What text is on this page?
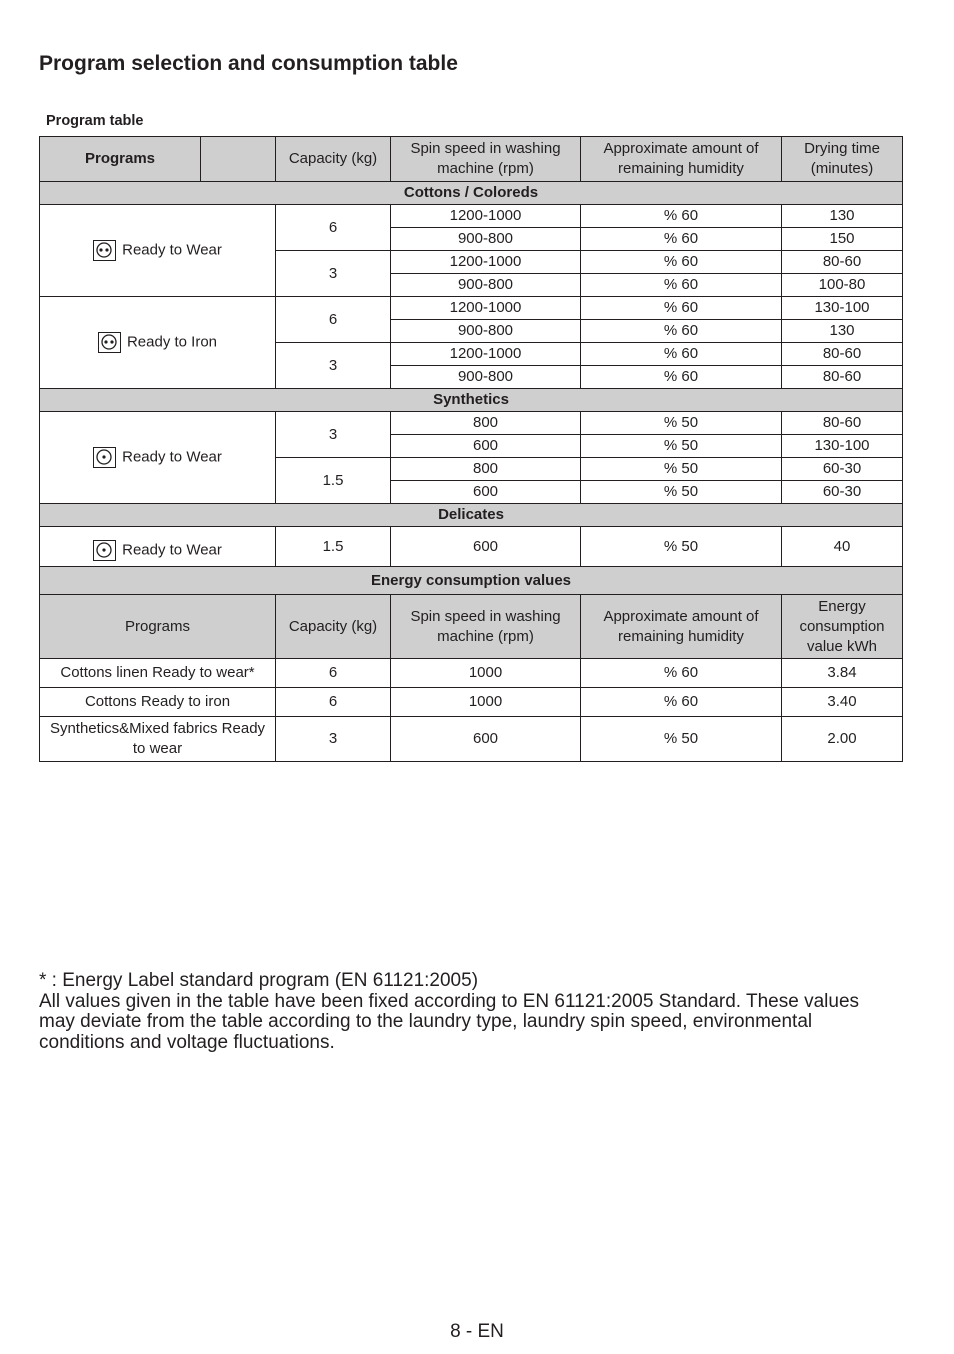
Program selection and consumption table
Program table
Programs		Capacity (kg)	Spin speed in washing machine (rpm)	Approximate amount of remaining humidity	Drying time (minutes)
Cottons / Coloreds					

Ready to Wear		6	1200-1000	% 60	130
			900-800	% 60	150
		3	1200-1000	% 60	80-60
			900-800	% 60	100-80

Ready to Iron		6	1200-1000	% 60	130-100
			900-800	% 60	130
		3	1200-1000	% 60	80-60
			900-800	% 60	80-60
Synthetics					

Ready to Wear		3	800	% 50	80-60
			600	% 50	130-100
		1.5	800	% 50	60-30
			600	% 50	60-30
Delicates					

Ready to Wear		1.5	600	% 50	40
Energy consumption values					
Programs		Capacity (kg)	Spin speed in washing machine (rpm)	Approximate amount of remaining humidity	Energy consumption value kWh
Cottons linen Ready to wear*		6	1000	% 60	3.84
Cottons Ready to iron		6	1000	% 60	3.40
Synthetics&Mixed fabrics Ready to wear		3	600	% 50	2.00
* : Energy Label standard program (EN 61121:2005)
All values given in the table have been fixed according to EN 61121:2005 Standard. These values may deviate from the table according to the laundry type, laundry spin speed, environmental conditions and voltage fluctuations.
8 - EN
